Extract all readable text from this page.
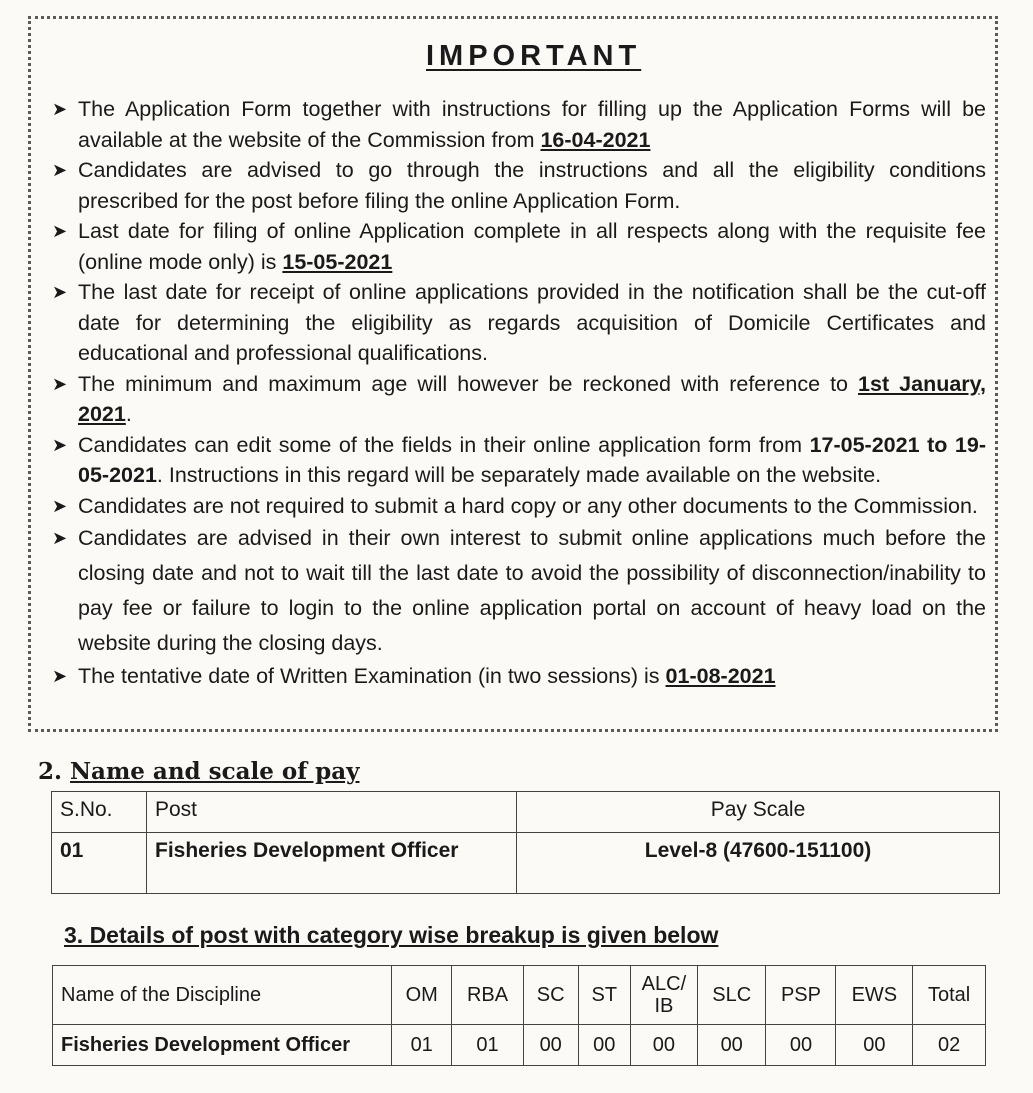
IMPORTANT
➤ The Application Form together with instructions for filling up the Application Forms will be available at the website of the Commission from 16-04-2021
➤ Candidates are advised to go through the instructions and all the eligibility conditions prescribed for the post before filing the online Application Form.
➤ Last date for filing of online Application complete in all respects along with the requisite fee (online mode only) is 15-05-2021
➤ The last date for receipt of online applications provided in the notification shall be the cut-off date for determining the eligibility as regards acquisition of Domicile Certificates and educational and professional qualifications.
➤ The minimum and maximum age will however be reckoned with reference to 1st January, 2021.
➤ Candidates can edit some of the fields in their online application form from 17-05-2021 to 19-05-2021. Instructions in this regard will be separately made available on the website.
➤ Candidates are not required to submit a hard copy or any other documents to the Commission.
➤ Candidates are advised in their own interest to submit online applications much before the closing date and not to wait till the last date to avoid the possibility of disconnection/inability to pay fee or failure to login to the online application portal on account of heavy load on the website during the closing days.
➤ The tentative date of Written Examination (in two sessions) is 01-08-2021
2. Name and scale of pay
S.No.	Post	Pay Scale
01	Fisheries Development Officer	Level-8 (47600-151100)
3. Details of post with category wise breakup is given below
Name of the Discipline	OM	RBA	SC	ST	ALC/ IB	SLC	PSP	EWS	Total
Fisheries Development Officer	01	01	00	00	00	00	00	00	02
